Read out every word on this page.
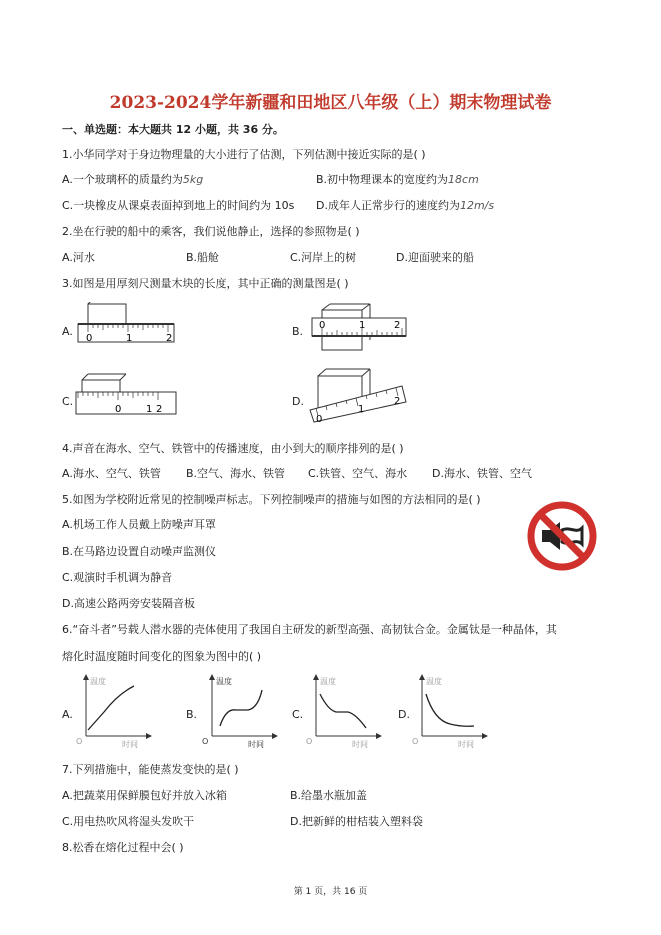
2023-2024学年新疆和田地区八年级（上）期末物理试卷
一、单选题：本大题共 12 小题，共 36 分。
1.小华同学对于身边物理量的大小进行了估测，下列估测中接近实际的是( )
A.一个玻璃杯的质量约为5kg	B.初中物理课本的宽度约为18cm
C.一块橡皮从课桌表面掉到地上的时间约为 10s D.成年人正常步行的速度约为12m/s
2.坐在行驶的船中的乘客，我们说他静止，选择的参照物是( )
A.河水	B.船舱	C.河岸上的树	D.迎面驶来的船
3.如图是用厚刻尺测量木块的长度，其中正确的测量图是( )
A.
0	1	2
B. 0	1	2
C.
0 1 2
D.
0
1
2
4.声音在海水、空气、铁管中的传播速度，由小到大的顺序排列的是( )
A.海水、空气、铁管 B.空气、海水、铁管 C.铁管、空气、海水 D.海水、铁管、空气
5.如图为学校附近常见的控制噪声标志。下列控制噪声的措施与如图的方法相同的是( )
A.机场工作人员戴上防噪声耳罩
B.在马路边设置自动噪声监测仪
C.观演时手机调为静音
D.高速公路两旁安装隔音板
6.“奋斗者”号载人潜水器的壳体使用了我国自主研发的新型高强、高韧钛合金。金属钛是一种晶体，其
熔化时温度随时间变化的图象为图中的( )
A.
温度
时间
O
B.
温度
时间
O
C.
温度
时间
O
D.
温度
时间
O
7.下列措施中，能使蒸发变快的是( )
A.把蔬菜用保鲜膜包好并放入冰箱	B.给墨水瓶加盖
C.用电热吹风将湿头发吹干	D.把新鲜的柑桔装入塑料袋
8.松香在熔化过程中会( )
第 1 页，共 16 页
